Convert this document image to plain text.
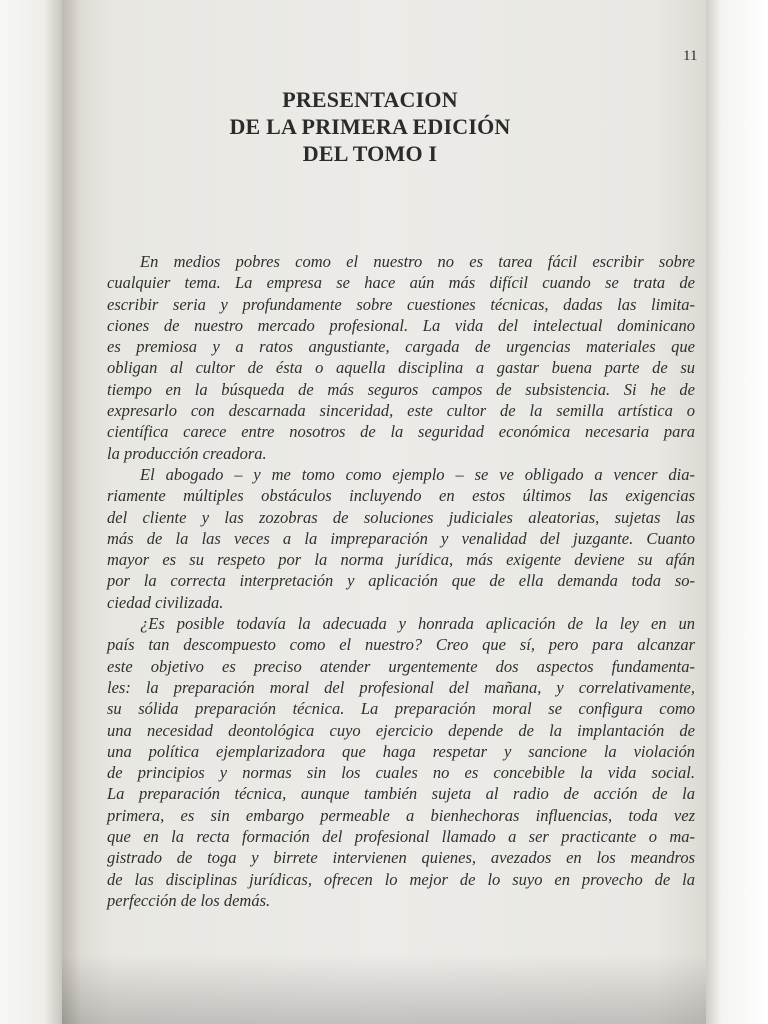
11
PRESENTACION
DE LA PRIMERA EDICIÓN
DEL TOMO I
En medios pobres como el nuestro no es tarea fácil escribir sobre
cualquier tema. La empresa se hace aún más difícil cuando se trata de
escribir seria y profundamente sobre cuestiones técnicas, dadas las limita-
ciones de nuestro mercado profesional. La vida del intelectual dominicano
es premiosa y a ratos angustiante, cargada de urgencias materiales que
obligan al cultor de ésta o aquella disciplina a gastar buena parte de su
tiempo en la búsqueda de más seguros campos de subsistencia. Si he de
expresarlo con descarnada sinceridad, este cultor de la semilla artística o
científica carece entre nosotros de la seguridad económica necesaria para
la producción creadora.
El abogado – y me tomo como ejemplo – se ve obligado a vencer dia-
riamente múltiples obstáculos incluyendo en estos últimos las exigencias
del cliente y las zozobras de soluciones judiciales aleatorias, sujetas las
más de la las veces a la impreparación y venalidad del juzgante. Cuanto
mayor es su respeto por la norma jurídica, más exigente deviene su afán
por la correcta interpretación y aplicación que de ella demanda toda so-
ciedad civilizada.
¿Es posible todavía la adecuada y honrada aplicación de la ley en un
país tan descompuesto como el nuestro? Creo que sí, pero para alcanzar
este objetivo es preciso atender urgentemente dos aspectos fundamenta-
les: la preparación moral del profesional del mañana, y correlativamente,
su sólida preparación técnica. La preparación moral se configura como
una necesidad deontológica cuyo ejercicio depende de la implantación de
una política ejemplarizadora que haga respetar y sancione la violación
de principios y normas sin los cuales no es concebible la vida social.
La preparación técnica, aunque también sujeta al radio de acción de la
primera, es sin embargo permeable a bienhechoras influencias, toda vez
que en la recta formación del profesional llamado a ser practicante o ma-
gistrado de toga y birrete intervienen quienes, avezados en los meandros
de las disciplinas jurídicas, ofrecen lo mejor de lo suyo en provecho de la
perfección de los demás.
